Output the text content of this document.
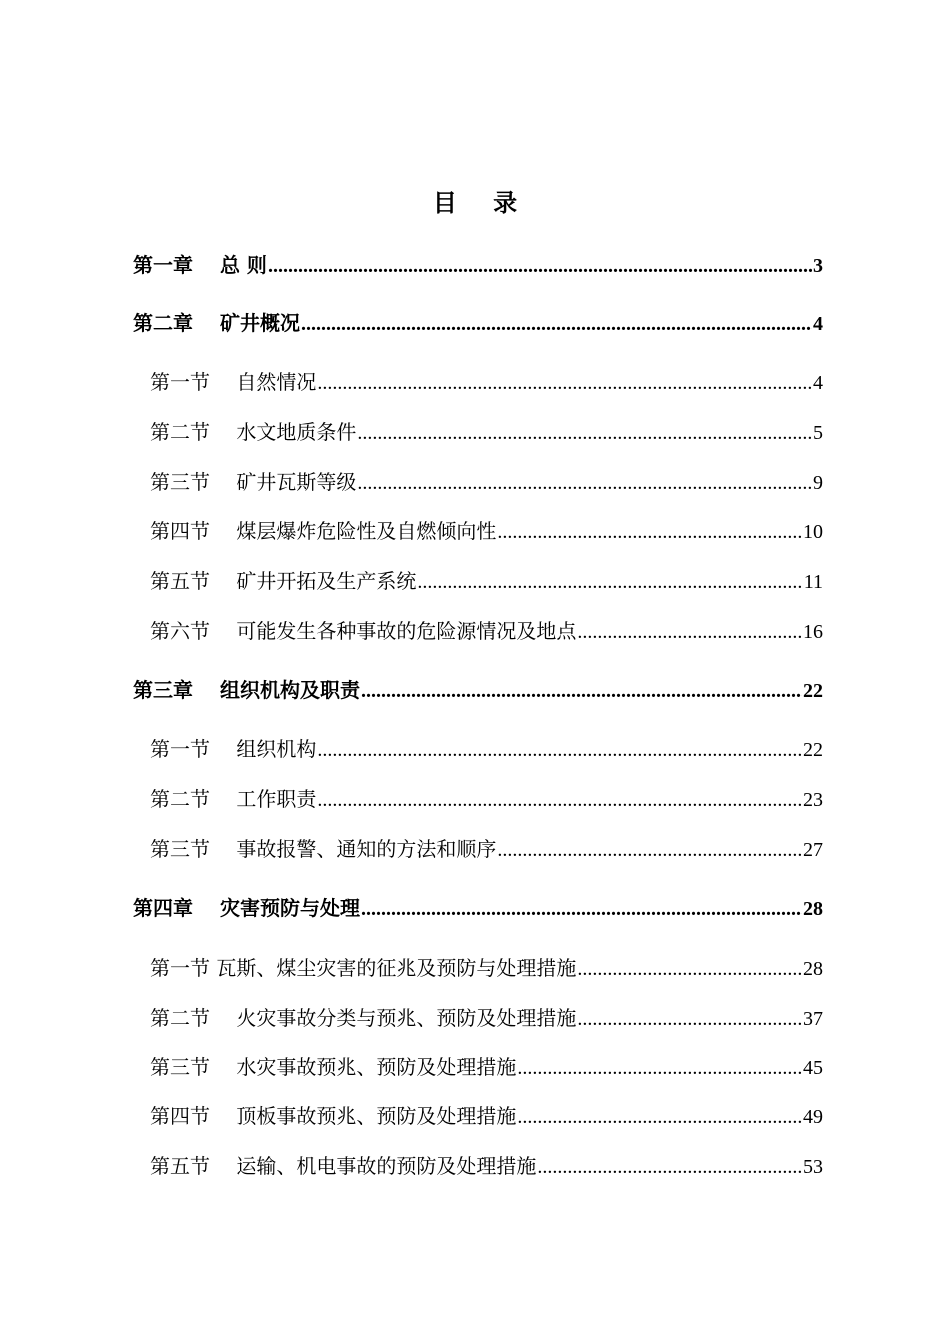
目 录
第一章　 总 则 .....	3
第二章　 矿井概况 .....	4
第一节　 自然情况 .....	4
第二节　 水文地质条件 .....	5
第三节　 矿井瓦斯等级 .....	9
第四节　 煤层爆炸危险性及自燃倾向性 .....	10
第五节　 矿井开拓及生产系统 .....	11
第六节　 可能发生各种事故的危险源情况及地点 .....	16
第三章　 组织机构及职责 .....	22
第一节　 组织机构 .....	22
第二节　 工作职责 .....	23
第三节　 事故报警、通知的方法和顺序 .....	27
第四章　 灾害预防与处理 .....	28
第一节 瓦斯、煤尘灾害的征兆及预防与处理措施 .....	28
第二节　 火灾事故分类与预兆、预防及处理措施 .....	37
第三节　 水灾事故预兆、预防及处理措施 .....	45
第四节　 顶板事故预兆、预防及处理措施 .....	49
第五节　 运输、机电事故的预防及处理措施 .....	53
